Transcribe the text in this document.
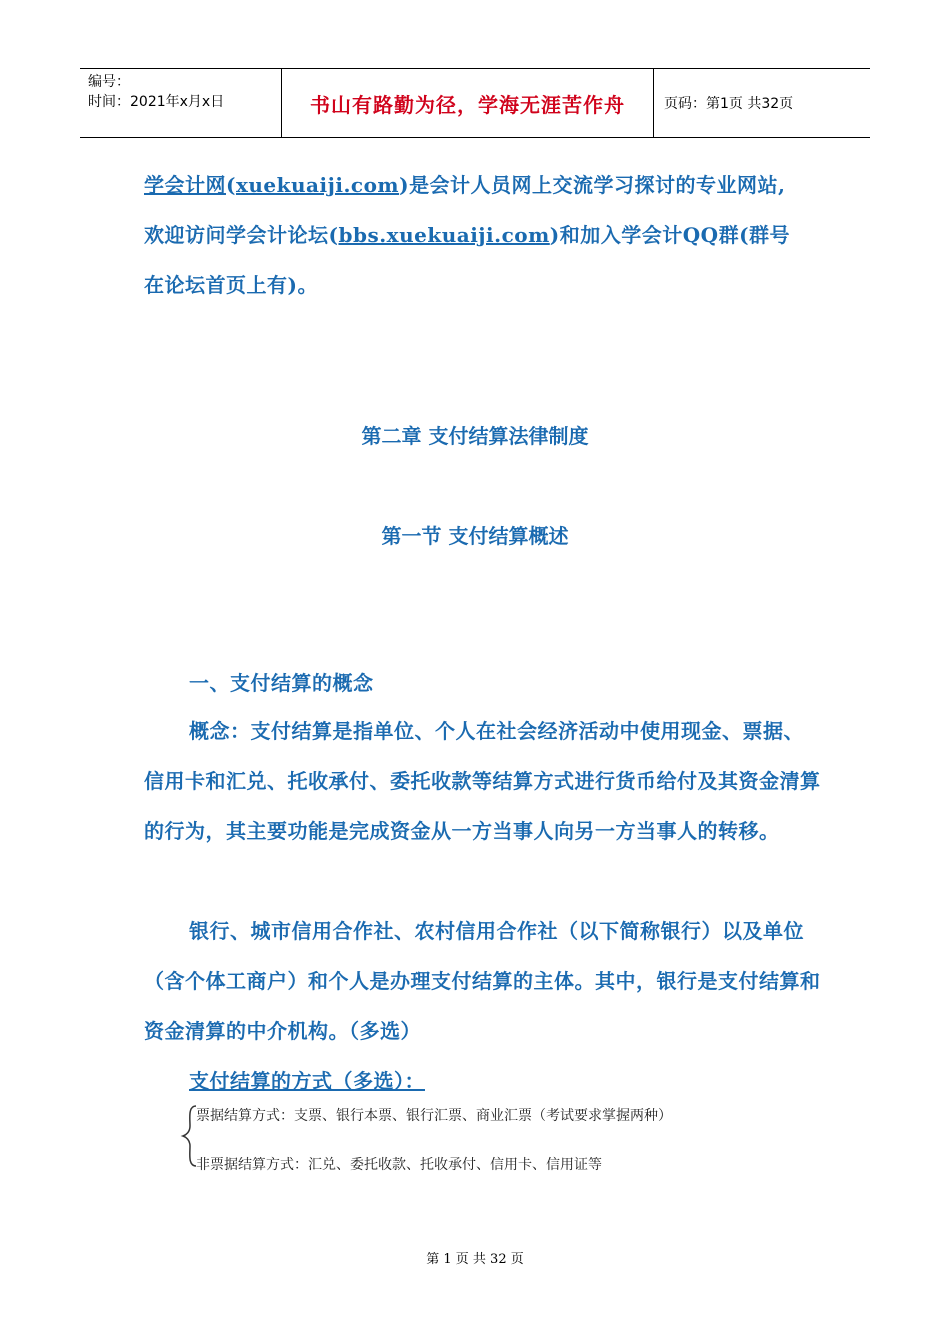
编号：
时间：2021年x月x日	书山有路勤为径，学海无涯苦作舟	页码：第1页 共32页
学会计网(xuekuaiji.com)是会计人员网上交流学习探讨的专业网站,
欢迎访问学会计论坛(bbs.xuekuaiji.com)和加入学会计QQ群(群号
在论坛首页上有)。
第二章 支付结算法律制度
第一节 支付结算概述
一、支付结算的概念
概念：支付结算是指单位、个人在社会经济活动中使用现金、票据、信用卡和汇兑、托收承付、委托收款等结算方式进行货币给付及其资金清算的行为，其主要功能是完成资金从一方当事人向另一方当事人的转移。
银行、城市信用合作社、农村信用合作社（以下简称银行）以及单位（含个体工商户）和个人是办理支付结算的主体。其中，银行是支付结算和资金清算的中介机构。（多选）
支付结算的方式（多选）：
票据结算方式：支票、银行本票、银行汇票、商业汇票（考试要求掌握两种）
非票据结算方式：汇兑、委托收款、托收承付、信用卡、信用证等
第 1 页 共 32 页
